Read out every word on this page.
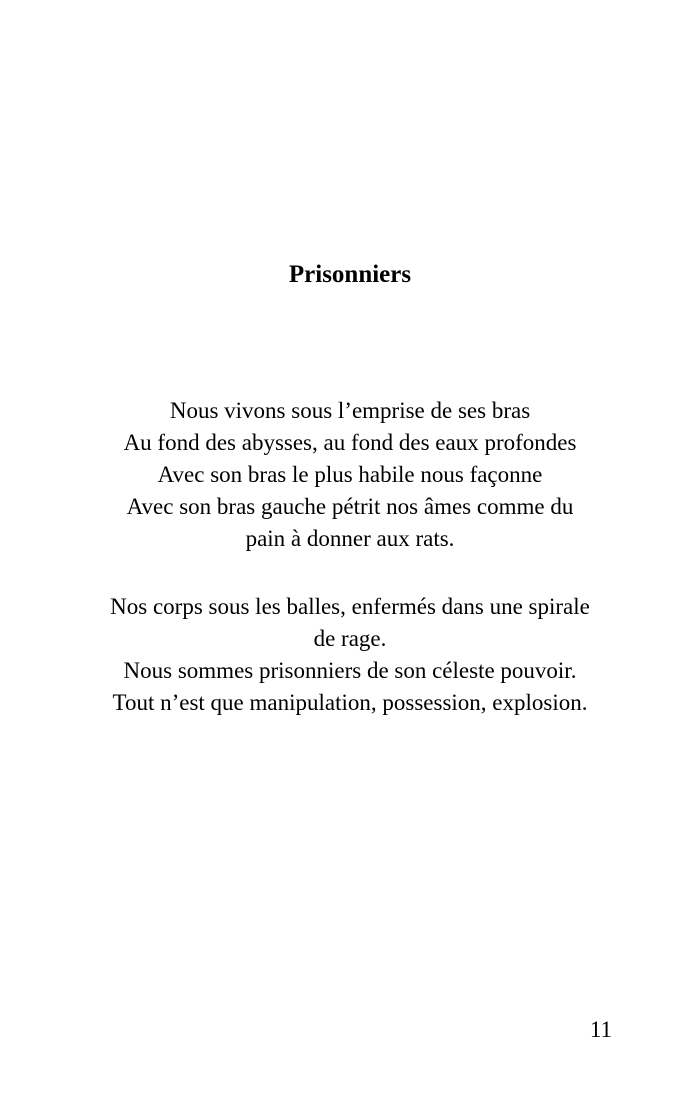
Prisonniers

Nous vivons sous l’emprise de ses bras
Au fond des abysses, au fond des eaux profondes
Avec son bras le plus habile nous façonne
Avec son bras gauche pétrit nos âmes comme du
pain à donner aux rats.

Nos corps sous les balles, enfermés dans une spirale
de rage.
Nous sommes prisonniers de son céleste pouvoir.
Tout n’est que manipulation, possession, explosion.

11
